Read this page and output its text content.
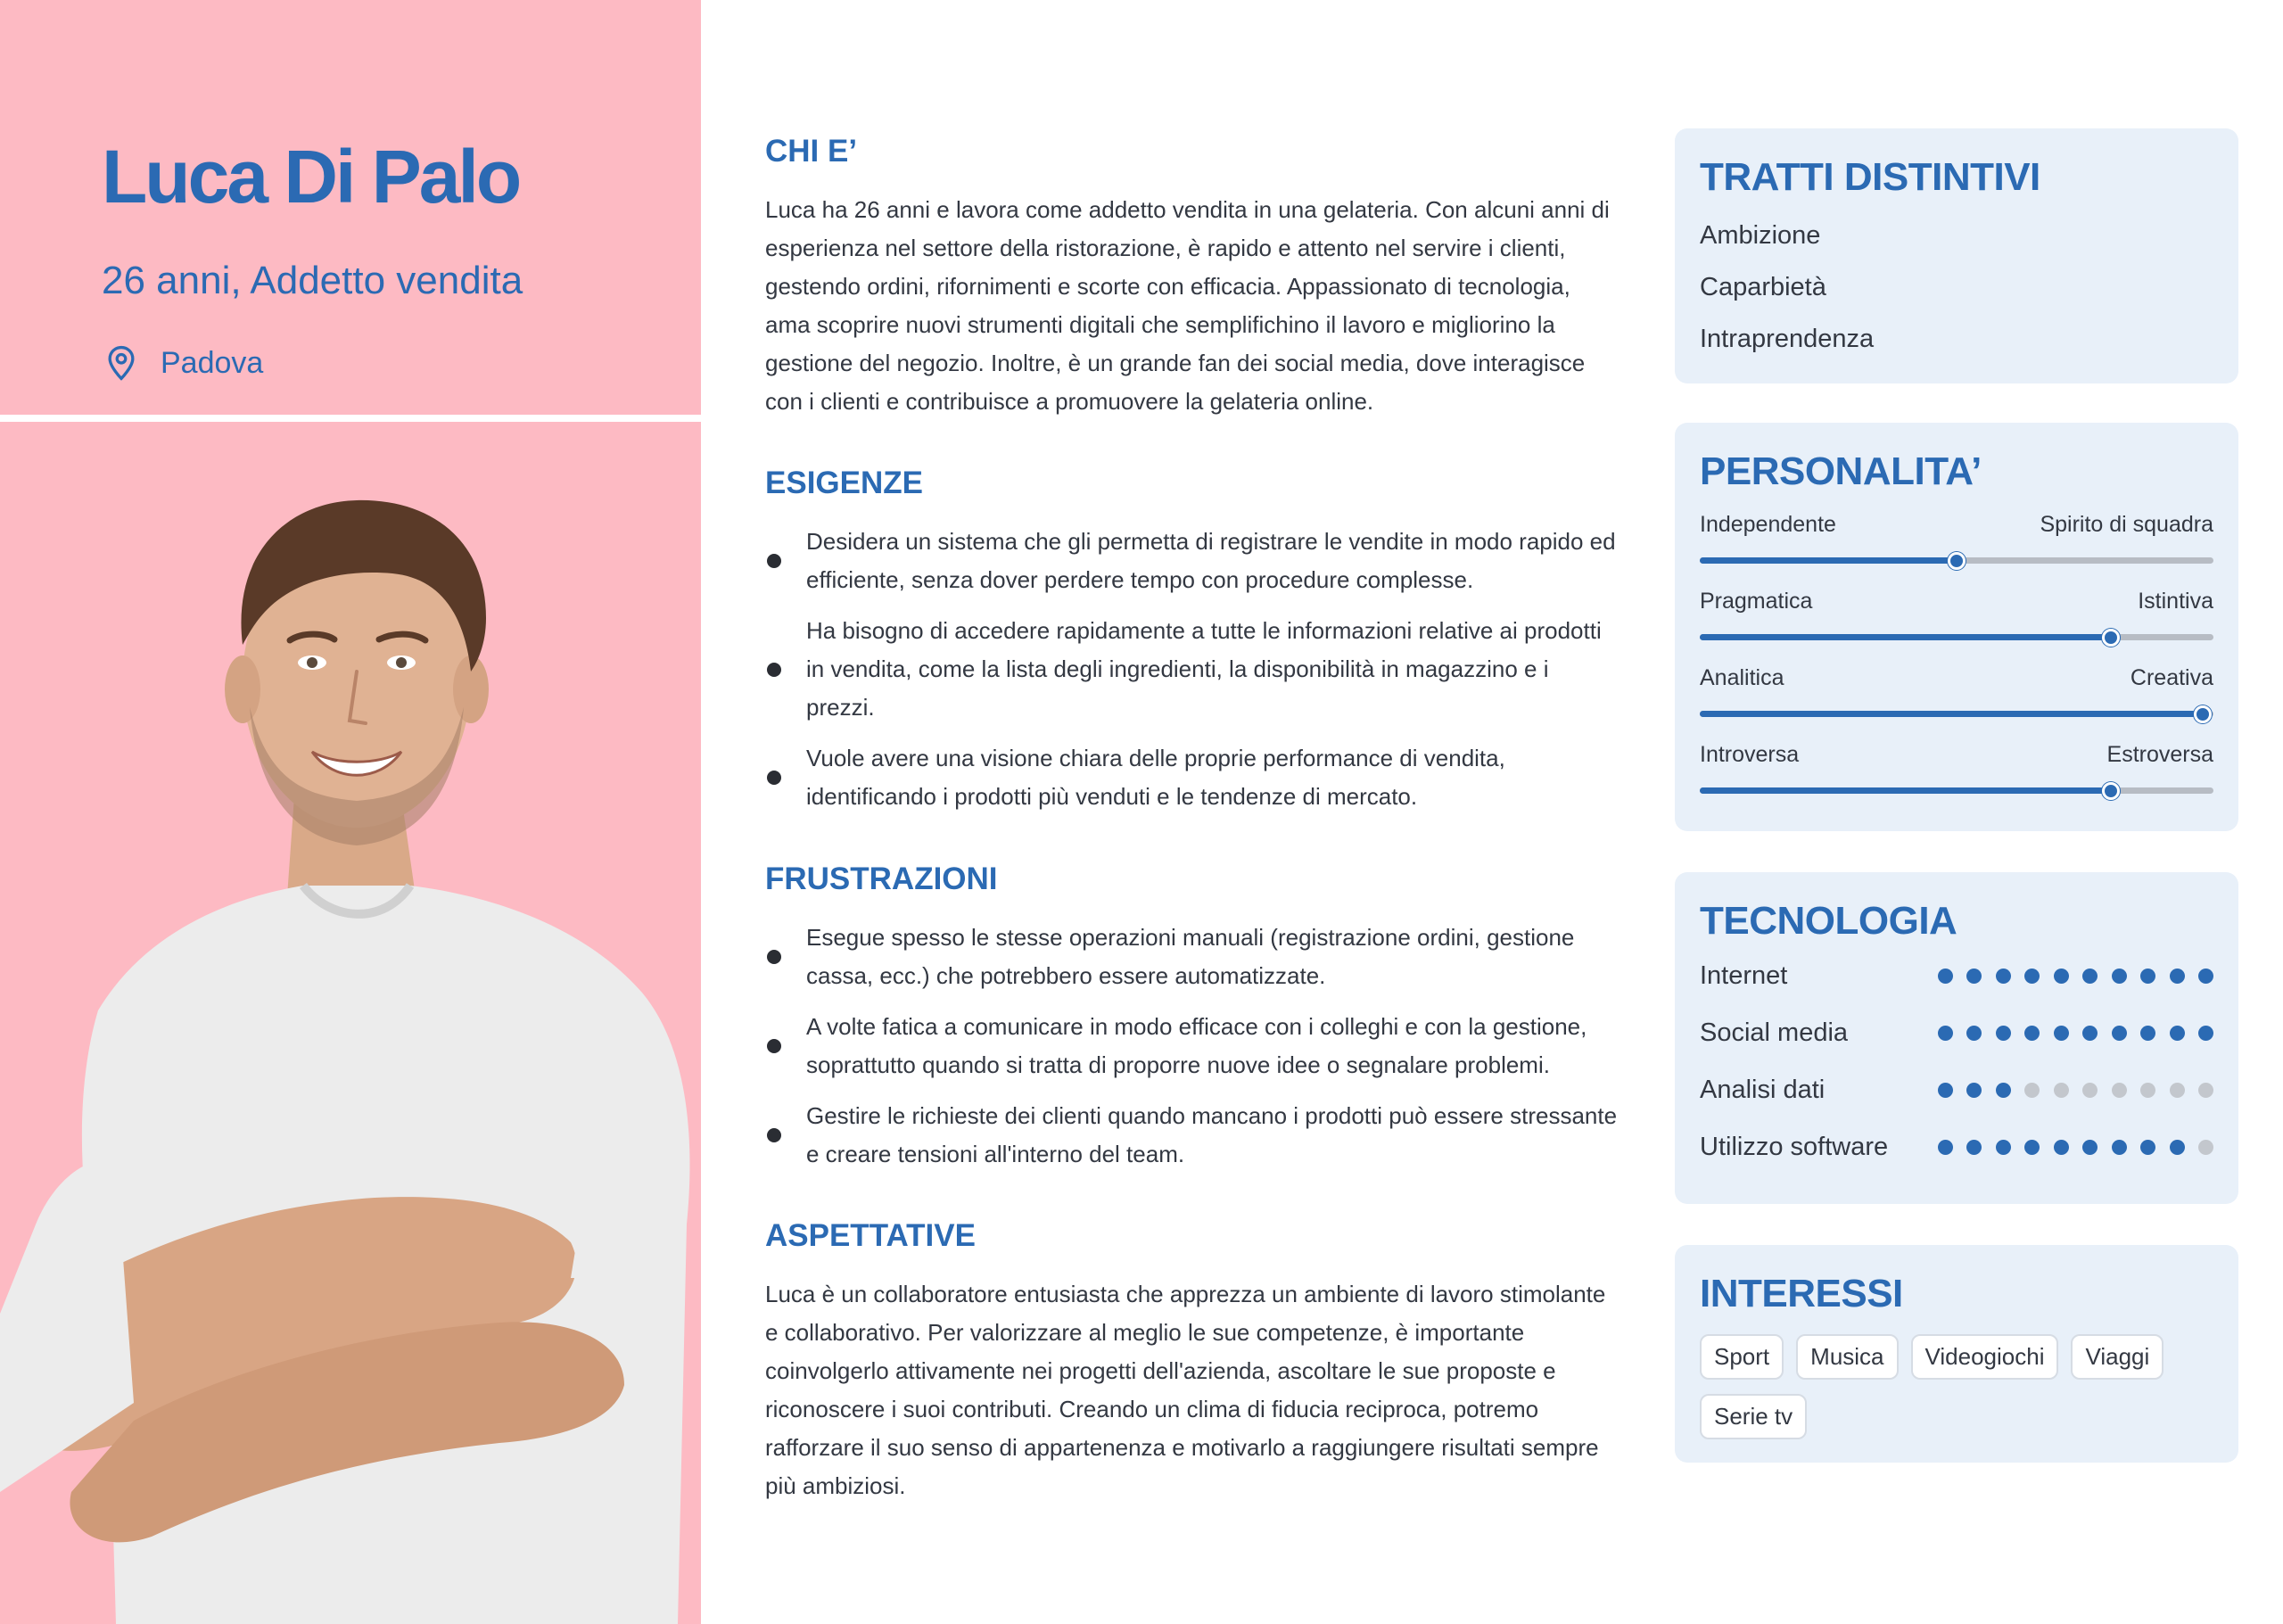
Luca Di Palo
26 anni, Addetto vendita
Padova
CHI E’

Luca ha 26 anni e lavora come addetto vendita in una gelateria. Con alcuni anni di esperienza nel settore della ristorazione, è rapido e attento nel servire i clienti, gestendo ordini, rifornimenti e scorte con efficacia. Appassionato di tecnologia, ama scoprire nuovi strumenti digitali che semplifichino il lavoro e migliorino la gestione del negozio. Inoltre, è un grande fan dei social media, dove interagisce con i clienti e contribuisce a promuovere la gelateria online.

ESIGENZE
Desidera un sistema che gli permetta di registrare le vendite in modo rapido ed efficiente, senza dover perdere tempo con procedure complesse.
Ha bisogno di accedere rapidamente a tutte le informazioni relative ai prodotti in vendita, come la lista degli ingredienti, la disponibilità in magazzino e i prezzi.
Vuole avere una visione chiara delle proprie performance di vendita, identificando i prodotti più venduti e le tendenze di mercato.
FRUSTRAZIONI
Esegue spesso le stesse operazioni manuali (registrazione ordini, gestione cassa, ecc.) che potrebbero essere automatizzate.
A volte fatica a comunicare in modo efficace con i colleghi e con la gestione, soprattutto quando si tratta di proporre nuove idee o segnalare problemi.
Gestire le richieste dei clienti quando mancano i prodotti può essere stressante e creare tensioni all'interno del team.
ASPETTATIVE

Luca è un collaboratore entusiasta che apprezza un ambiente di lavoro stimolante e collaborativo. Per valorizzare al meglio le sue competenze, è importante coinvolgerlo attivamente nei progetti dell'azienda, ascoltare le sue proposte e riconoscere i suoi contributi. Creando un clima di fiducia reciproca, potremo rafforzare il suo senso di appartenenza e motivarlo a raggiungere risultati sempre più ambiziosi.

TRATTI DISTINTIVI
Ambizione
Caparbietà
Intraprendenza
PERSONALITA’
Independente	Spirito di squadra
Pragmatica	Istintiva
Analitica	Creativa
Introversa	Estroversa
TECNOLOGIA
Internet
Social media
Analisi dati
Utilizzo software
INTERESSI
Sport	Musica	Videogiochi	Viaggi
Serie tv
